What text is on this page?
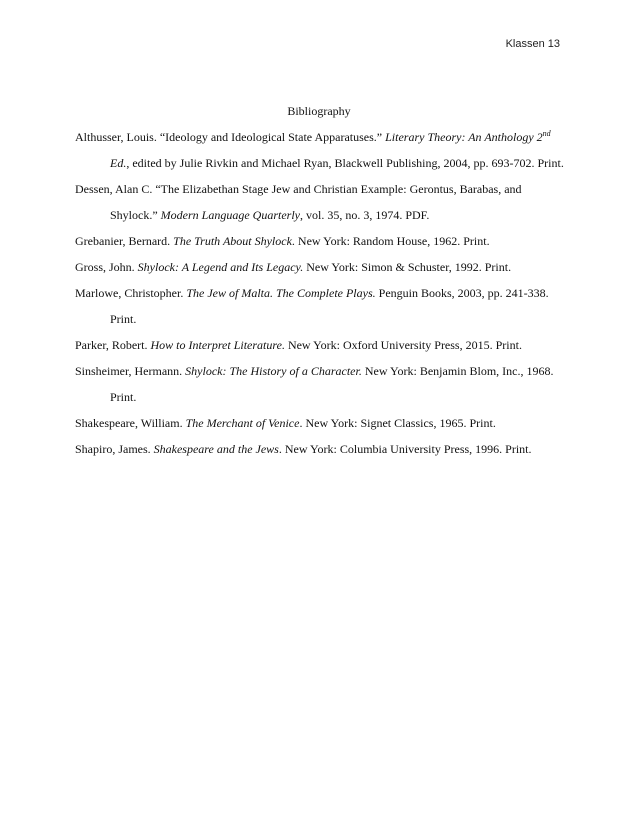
Klassen 13
Bibliography

Althusser, Louis. “Ideology and Ideological State Apparatuses.” Literary Theory: An Anthology 2nd Ed., edited by Julie Rivkin and Michael Ryan, Blackwell Publishing, 2004, pp. 693-702. Print.

Dessen, Alan C. “The Elizabethan Stage Jew and Christian Example: Gerontus, Barabas, and Shylock.” Modern Language Quarterly, vol. 35, no. 3, 1974. PDF.

Grebanier, Bernard. The Truth About Shylock. New York: Random House, 1962. Print.

Gross, John. Shylock: A Legend and Its Legacy. New York: Simon & Schuster, 1992. Print.

Marlowe, Christopher. The Jew of Malta. The Complete Plays. Penguin Books, 2003, pp. 241-338. Print.

Parker, Robert. How to Interpret Literature. New York: Oxford University Press, 2015. Print.

Sinsheimer, Hermann. Shylock: The History of a Character. New York: Benjamin Blom, Inc., 1968. Print.

Shakespeare, William. The Merchant of Venice. New York: Signet Classics, 1965. Print.

Shapiro, James. Shakespeare and the Jews. New York: Columbia University Press, 1996. Print.
